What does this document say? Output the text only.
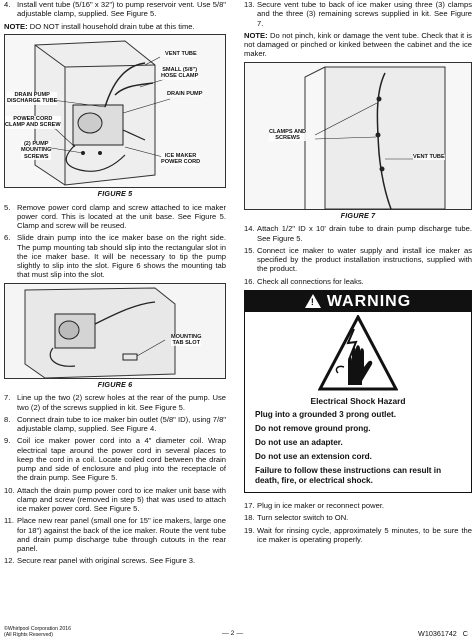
4. Install vent tube (5/16" x 32") to pump reservoir vent. Use 5/8" adjustable clamp, supplied. See Figure 5.
NOTE: DO NOT install household drain tube at this time.
VENT TUBE
SMALL (5/8")
HOSE CLAMP
DRAIN PUMP
DRAIN PUMP
DISCHARGE TUBE
POWER CORD
CLAMP AND SCREW
(2) PUMP
MOUNTING
SCREWS	ICE MAKER
POWER CORD
FIGURE 5
5. Remove power cord clamp and screw attached to ice maker power cord. This is located at the unit base. See Figure 5. Clamp and screw will be reused.
6. Slide drain pump into the ice maker base on the right side. The pump mounting tab should slip into the rectangular slot in the ice maker base. It will be necessary to tip the pump slightly to slip into the slot. Figure 6 shows the mounting tab that must slip into the slot.
MOUNTING
TAB SLOT
FIGURE 6
7. Line up the two (2) screw holes at the rear of the pump. Use two (2) of the screws supplied in kit. See Figure 5.
8. Connect drain tube to ice maker bin outlet (5/8" ID), using 7/8" adjustable clamp, supplied. See Figure 4.
9. Coil ice maker power cord into a 4" diameter coil. Wrap electrical tape around the power cord in several places to keep the cord in a coil. Locate coiled cord between the drain pump and side of enclosure and plug into the receptacle of the drain pump. See Figure 5.
10. Attach the drain pump power cord to ice maker unit base with clamp and screw (removed in step 5) that was used to attach ice maker power cord. See Figure 5.
11. Place new rear panel (small one for 15" ice makers, large one for 18") against the back of the ice maker. Route the vent tube and drain pump discharge tube through cutouts in the rear panel.
12. Secure rear panel with original screws. See Figure 3.
13. Secure vent tube to back of ice maker using three (3) clamps and the three (3) remaining screws supplied in kit. See Figure 7.
NOTE: Do not pinch, kink or damage the vent tube. Check that it is not damaged or pinched or kinked between the cabinet and the ice maker.
CLAMPS AND
SCREWS
VENT TUBE
FIGURE 7
14. Attach 1/2" ID x 10' drain tube to drain pump discharge tube. See Figure 5.
15. Connect ice maker to water supply and install ice maker as specified by the product installation instructions, supplied with the product.
16. Check all connections for leaks.
! WARNING
Electrical Shock Hazard
Plug into a grounded 3 prong outlet.
Do not remove ground prong.
Do not use an adapter.
Do not use an extension cord.
Failure to follow these instructions can result in death, fire, or electrical shock.
17. Plug in ice maker or reconnect power.
18. Turn selector switch to ON.
19. Wait for rinsing cycle, approximately 5 minutes, to be sure the ice maker is operating properly.
©Whirlpool Corporation 2016
(All Rights Reserved)	— 2 —	W10361742   C
